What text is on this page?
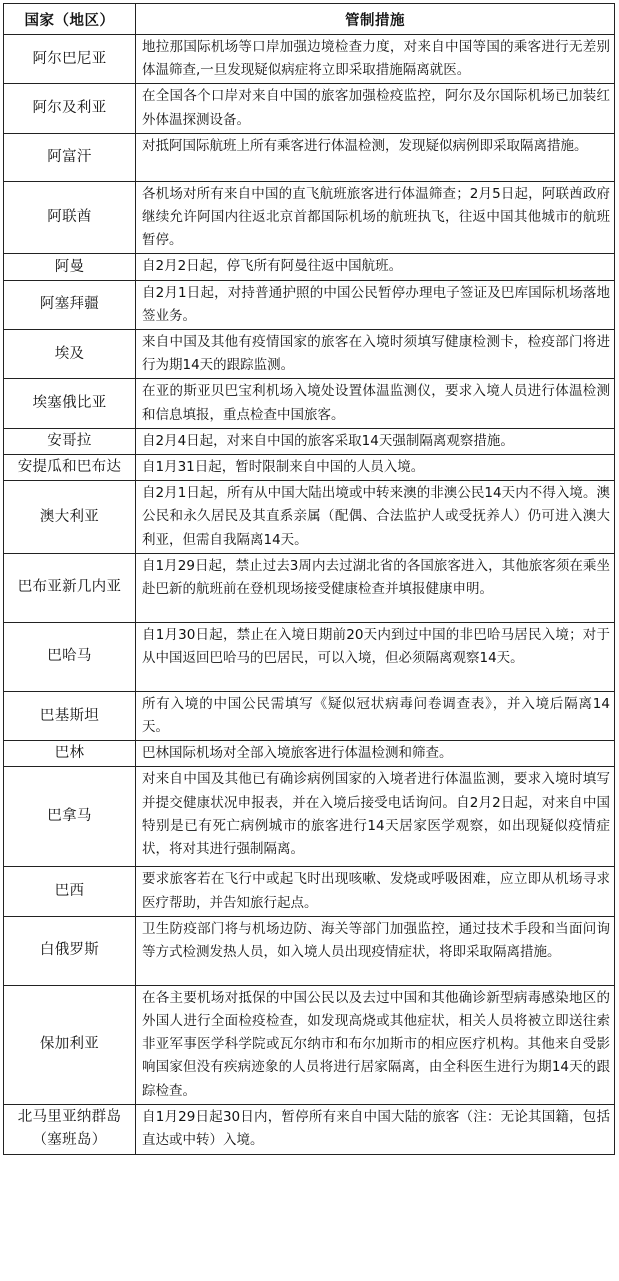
国家（地区）	管制措施
阿尔巴尼亚	地拉那国际机场等口岸加强边境检查力度，对来自中国等国的乘客进行无差别体温筛查,一旦发现疑似病症将立即采取措施隔离就医。
阿尔及利亚	在全国各个口岸对来自中国的旅客加强检疫监控，阿尔及尔国际机场已加装红外体温探测设备。
阿富汗	对抵阿国际航班上所有乘客进行体温检测，发现疑似病例即采取隔离措施。
阿联酋	各机场对所有来自中国的直飞航班旅客进行体温筛查；2月5日起，阿联酋政府继续允许阿国内往返北京首都国际机场的航班执飞，往返中国其他城市的航班暂停。
阿曼	自2月2日起，停飞所有阿曼往返中国航班。
阿塞拜疆	自2月1日起，对持普通护照的中国公民暂停办理电子签证及巴库国际机场落地签业务。
埃及	来自中国及其他有疫情国家的旅客在入境时须填写健康检测卡，检疫部门将进行为期14天的跟踪监测。
埃塞俄比亚	在亚的斯亚贝巴宝利机场入境处设置体温监测仪，要求入境人员进行体温检测和信息填报，重点检查中国旅客。
安哥拉	自2月4日起，对来自中国的旅客采取14天强制隔离观察措施。
安提瓜和巴布达	自1月31日起，暂时限制来自中国的人员入境。
澳大利亚	自2月1日起，所有从中国大陆出境或中转来澳的非澳公民14天内不得入境。澳公民和永久居民及其直系亲属（配偶、合法监护人或受抚养人）仍可进入澳大利亚，但需自我隔离14天。
巴布亚新几内亚	自1月29日起，禁止过去3周内去过湖北省的各国旅客进入，其他旅客须在乘坐赴巴新的航班前在登机现场接受健康检查并填报健康申明。
巴哈马	自1月30日起，禁止在入境日期前20天内到过中国的非巴哈马居民入境；对于从中国返回巴哈马的巴居民，可以入境，但必须隔离观察14天。
巴基斯坦	所有入境的中国公民需填写《疑似冠状病毒问卷调查表》，并入境后隔离14天。
巴林	巴林国际机场对全部入境旅客进行体温检测和筛查。
巴拿马	对来自中国及其他已有确诊病例国家的入境者进行体温监测，要求入境时填写并提交健康状况申报表，并在入境后接受电话询问。自2月2日起，对来自中国特别是已有死亡病例城市的旅客进行14天居家医学观察，如出现疑似疫情症状，将对其进行强制隔离。
巴西	要求旅客若在飞行中或起飞时出现咳嗽、发烧或呼吸困难，应立即从机场寻求医疗帮助，并告知旅行起点。
白俄罗斯	卫生防疫部门将与机场边防、海关等部门加强监控，通过技术手段和当面问询等方式检测发热人员，如入境人员出现疫情症状，将即采取隔离措施。
保加利亚	在各主要机场对抵保的中国公民以及去过中国和其他确诊新型病毒感染地区的外国人进行全面检疫检查，如发现高烧或其他症状，相关人员将被立即送往索非亚军事医学科学院或瓦尔纳市和布尔加斯市的相应医疗机构。其他来自受影响国家但没有疾病迹象的人员将进行居家隔离，由全科医生进行为期14天的跟踪检查。
北马里亚纳群岛（塞班岛）	自1月29日起30日内，暂停所有来自中国大陆的旅客（注：无论其国籍，包括直达或中转）入境。
